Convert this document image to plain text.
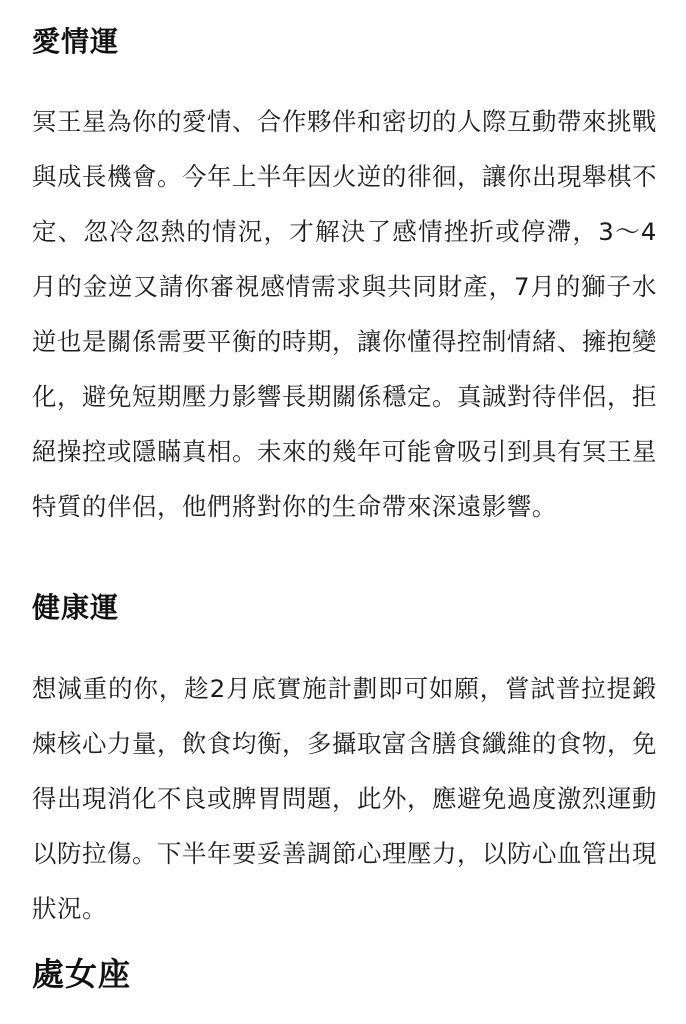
愛情運

冥王星為你的愛情、合作夥伴和密切的人際互動帶來挑戰與成長機會。今年上半年因火逆的徘徊，讓你出現舉棋不定、忽冷忽熱的情況，才解決了感情挫折或停滯，3～4月的金逆又請你審視感情需求與共同財產，7月的獅子水逆也是關係需要平衡的時期，讓你懂得控制情緒、擁抱變化，避免短期壓力影響長期關係穩定。真誠對待伴侶，拒絕操控或隱瞞真相。未來的幾年可能會吸引到具有冥王星特質的伴侶，他們將對你的生命帶來深遠影響。

健康運

想減重的你，趁2月底實施計劃即可如願，嘗試普拉提鍛煉核心力量，飲食均衡，多攝取富含膳食纖維的食物，免得出現消化不良或脾胃問題，此外，應避免過度激烈運動以防拉傷。下半年要妥善調節心理壓力，以防心血管出現狀況。

處女座
